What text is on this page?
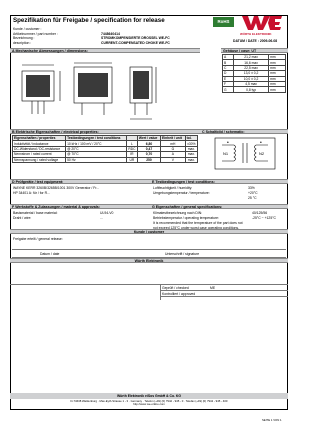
Spezifikation für Freigabe / specification for release
Kunde / customer :
Artikelnummer / part number :	7448640414
Bezeichnung :	STROMKOMPENSIERTE DROSSEL WE-FC
description :	CURRENT-COMPENSATED CHOKE WE-FC
RoHS
WÜRTH ELEKTRONIK
DATUM / DATE : 2009-06-08
A Mechanische Abmessungen / dimensions:	Gehäuse / case: UT
A	21,2 max	mm
B	16,6 max	mm
C	22,5 max	mm
D	13,0 ± 0,2	mm
E	10,0 ± 0,2	mm
F	4,5 max	mm
G	0,8 typ	mm
B Elektrische Eigenschaften / electrical properties:
Eigenschaften / properties	Testbedingungen / test conditions		Wert / value	Einheit / unit	tol.
Induktivität / inductance	10 kHz / 100 mV / 20°C	L	6,80	mH	±30%
DC-Widerstand / DC-resistance	@ 20°C	RDC	0,47	Ω	max.
Nennstrom / rated current	@ 70°C	IR	0,70	A	max.
Nennspannung / rated voltage	50 Hz	UR	250	V	max.
C Schaltbild / schematic:
N1	N2
•	•
D Prüfgeräte / test equipment:
WAYNE KERR 3260B/3265B/1001 300V Generator / Fr...
HP 34401 A: für / for R...
E Testbedingungen / test conditions:
Luftfeuchtigkeit / humidity:	33%
Umgebungstemperatur / temperature:	+20°C
25 °C
F Werkstoffe & Zulassungen / material & approvals:
Basismaterial / base material:	UL94-V0
Draht / wire:	...
G Eigenschaften / general specifications:
Klimatestbezeichnung nach DIN:	40/125/56
Betriebstemperatur / operating temperature:	-25°C ~ +125°C
It is recommended that the temperature of the part does not
not exceed 125°C under worst case operating conditions.
Kunde / customer
Freigabe erteilt / general release:
Datum / date	Unterschrift / signature
Würth Elektronik
Geprüft / checked	ME
Kontrolliert / approved
Würth Elektronik eiSos GmbH & Co. KG
D-74638 Waldenburg · Max-Eyth-Strasse 1 - 3 · Germany · Telefon (+49) (0) 7942 - 945 - 0 · Telefax (+49) (0) 7942 - 945 - 400
http://www.we-online.com
SEITE 1 VON 1
